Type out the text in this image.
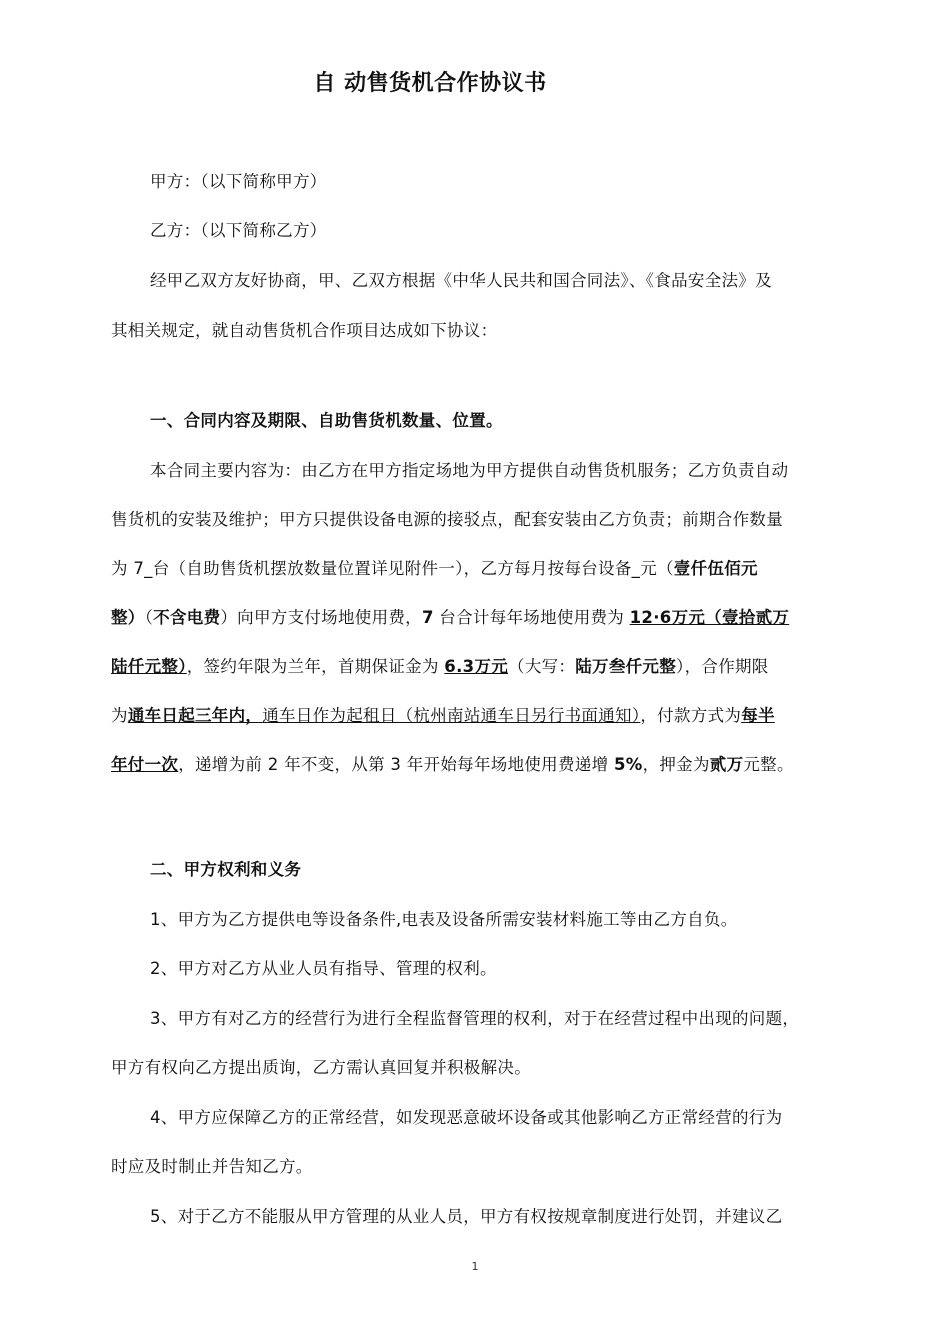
自 动售货机合作协议书
甲方：（以下简称甲方）
乙方：（以下简称乙方）
经甲乙双方友好协商，甲、乙双方根据《中华人民共和国合同法》、《食品安全法》及
其相关规定，就自动售货机合作项目达成如下协议：
一、合同内容及期限、自助售货机数量、位置。
本合同主要内容为：由乙方在甲方指定场地为甲方提供自动售货机服务；乙方负责自动
售货机的安装及维护；甲方只提供设备电源的接驳点，配套安装由乙方负责；前期合作数量
为 7_台（自助售货机摆放数量位置详见附件一），乙方每月按每台设备_元（壹仟伍佰元
整）（不含电费）向甲方支付场地使用费，7 台合计每年场地使用费为 12·6万元（壹拾贰万
陆仟元整），签约年限为兰年，首期保证金为 6.3万元（大写：陆万叁仟元整），合作期限
为通车日起三年内，通车日作为起租日（杭州南站通车日另行书面通知），付款方式为每半
年付一次，递增为前 2 年不变，从第 3 年开始每年场地使用费递增 5%，押金为贰万元整。
二、甲方权利和义务
1、甲方为乙方提供电等设备条件,电表及设备所需安装材料施工等由乙方自负。
2、甲方对乙方从业人员有指导、管理的权利。
3、甲方有对乙方的经营行为进行全程监督管理的权利，对于在经营过程中出现的问题，
甲方有权向乙方提出质询，乙方需认真回复并积极解决。
4、甲方应保障乙方的正常经营，如发现恶意破坏设备或其他影响乙方正常经营的行为
时应及时制止并告知乙方。
5、对于乙方不能服从甲方管理的从业人员，甲方有权按规章制度进行处罚，并建议乙
1
